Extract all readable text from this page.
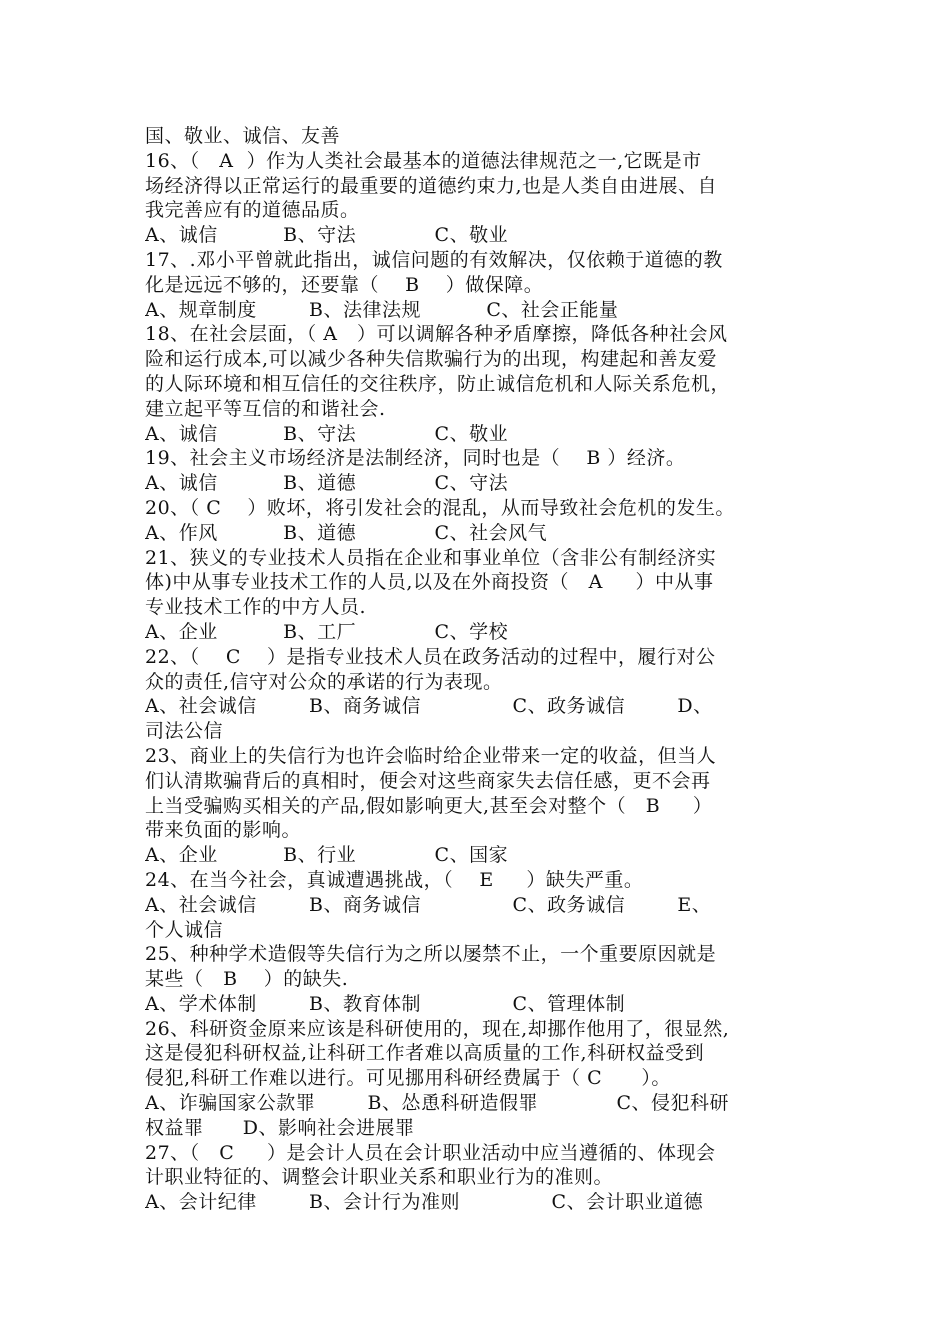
国、敬业、诚信、友善
16、（   A  ）作为人类社会最基本的道德法律规范之一,它既是市
场经济得以正常运行的最重要的道德约束力,也是人类自由进展、自
我完善应有的道德品质。
A、诚信          B、守法            C、敬业
17、.邓小平曾就此指出，诚信问题的有效解决，仅依赖于道德的教
化是远远不够的，还要靠（    B    ）做保障。
A、规章制度        B、法律法规          C、社会正能量
18、在社会层面，（ A   ）可以调解各种矛盾摩擦，降低各种社会风
险和运行成本,可以减少各种失信欺骗行为的出现，构建起和善友爱
的人际环境和相互信任的交往秩序，防止诚信危机和人际关系危机，
建立起平等互信的和谐社会.
A、诚信          B、守法            C、敬业
19、社会主义市场经济是法制经济，同时也是（    B ）经济。
A、诚信          B、道德            C、守法
20、（ C    ）败坏，将引发社会的混乱，从而导致社会危机的发生。
A、作风          B、道德            C、社会风气
21、狭义的专业技术人员指在企业和事业单位（含非公有制经济实
体)中从事专业技术工作的人员,以及在外商投资（   A     ）中从事
专业技术工作的中方人员.
A、企业          B、工厂            C、学校
22、（    C    ）是指专业技术人员在政务活动的过程中，履行对公
众的责任,信守对公众的承诺的行为表现。
A、社会诚信        B、商务诚信              C、政务诚信        D、
司法公信
23、商业上的失信行为也许会临时给企业带来一定的收益，但当人
们认清欺骗背后的真相时，便会对这些商家失去信任感，更不会再
上当受骗购买相关的产品,假如影响更大,甚至会对整个（   B     ）
带来负面的影响。
A、企业          B、行业            C、国家
24、在当今社会，真诚遭遇挑战，（    E     ）缺失严重。
A、社会诚信        B、商务诚信              C、政务诚信        E、
个人诚信
25、种种学术造假等失信行为之所以屡禁不止，一个重要原因就是
某些（   B    ）的缺失.
A、学术体制        B、教育体制              C、管理体制
26、科研资金原来应该是科研使用的，现在,却挪作他用了，很显然,
这是侵犯科研权益,让科研工作者难以高质量的工作,科研权益受到
侵犯,科研工作难以进行。可见挪用科研经费属于（ C      ）。
A、诈骗国家公款罪        B、怂恿科研造假罪            C、侵犯科研
权益罪      D、影响社会进展罪
27、（   C     ）是会计人员在会计职业活动中应当遵循的、体现会
计职业特征的、调整会计职业关系和职业行为的准则。
A、会计纪律        B、会计行为准则              C、会计职业道德
